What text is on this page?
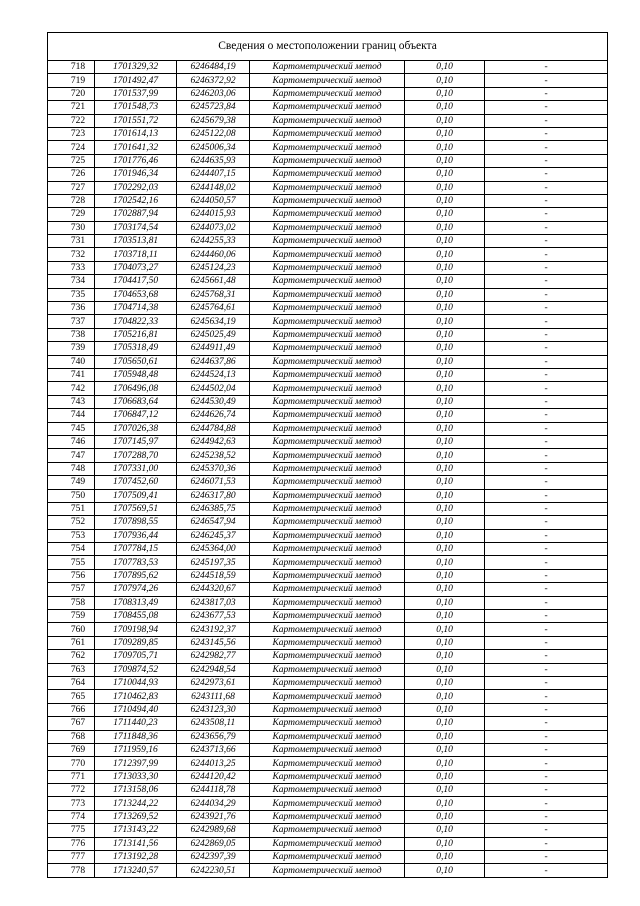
Сведения о местоположении границ объекта					
718	1701329,32	6246484,19	Картометрический метод	0,10	-
719	1701492,47	6246372,92	Картометрический метод	0,10	-
720	1701537,99	6246203,06	Картометрический метод	0,10	-
721	1701548,73	6245723,84	Картометрический метод	0,10	-
722	1701551,72	6245679,38	Картометрический метод	0,10	-
723	1701614,13	6245122,08	Картометрический метод	0,10	-
724	1701641,32	6245006,34	Картометрический метод	0,10	-
725	1701776,46	6244635,93	Картометрический метод	0,10	-
726	1701946,34	6244407,15	Картометрический метод	0,10	-
727	1702292,03	6244148,02	Картометрический метод	0,10	-
728	1702542,16	6244050,57	Картометрический метод	0,10	-
729	1702887,94	6244015,93	Картометрический метод	0,10	-
730	1703174,54	6244073,02	Картометрический метод	0,10	-
731	1703513,81	6244255,33	Картометрический метод	0,10	-
732	1703718,11	6244460,06	Картометрический метод	0,10	-
733	1704073,27	6245124,23	Картометрический метод	0,10	-
734	1704417,50	6245661,48	Картометрический метод	0,10	-
735	1704653,68	6245768,31	Картометрический метод	0,10	-
736	1704714,38	6245764,61	Картометрический метод	0,10	-
737	1704822,33	6245634,19	Картометрический метод	0,10	-
738	1705216,81	6245025,49	Картометрический метод	0,10	-
739	1705318,49	6244911,49	Картометрический метод	0,10	-
740	1705650,61	6244637,86	Картометрический метод	0,10	-
741	1705948,48	6244524,13	Картометрический метод	0,10	-
742	1706496,08	6244502,04	Картометрический метод	0,10	-
743	1706683,64	6244530,49	Картометрический метод	0,10	-
744	1706847,12	6244626,74	Картометрический метод	0,10	-
745	1707026,38	6244784,88	Картометрический метод	0,10	-
746	1707145,97	6244942,63	Картометрический метод	0,10	-
747	1707288,70	6245238,52	Картометрический метод	0,10	-
748	1707331,00	6245370,36	Картометрический метод	0,10	-
749	1707452,60	6246071,53	Картометрический метод	0,10	-
750	1707509,41	6246317,80	Картометрический метод	0,10	-
751	1707569,51	6246385,75	Картометрический метод	0,10	-
752	1707898,55	6246547,94	Картометрический метод	0,10	-
753	1707936,44	6246245,37	Картометрический метод	0,10	-
754	1707784,15	6245364,00	Картометрический метод	0,10	-
755	1707783,53	6245197,35	Картометрический метод	0,10	-
756	1707895,62	6244518,59	Картометрический метод	0,10	-
757	1707974,26	6244320,67	Картометрический метод	0,10	-
758	1708313,49	6243817,03	Картометрический метод	0,10	-
759	1708455,08	6243677,53	Картометрический метод	0,10	-
760	1709198,94	6243192,37	Картометрический метод	0,10	-
761	1709289,85	6243145,56	Картометрический метод	0,10	-
762	1709705,71	6242982,77	Картометрический метод	0,10	-
763	1709874,52	6242948,54	Картометрический метод	0,10	-
764	1710044,93	6242973,61	Картометрический метод	0,10	-
765	1710462,83	6243111,68	Картометрический метод	0,10	-
766	1710494,40	6243123,30	Картометрический метод	0,10	-
767	1711440,23	6243508,11	Картометрический метод	0,10	-
768	1711848,36	6243656,79	Картометрический метод	0,10	-
769	1711959,16	6243713,66	Картометрический метод	0,10	-
770	1712397,99	6244013,25	Картометрический метод	0,10	-
771	1713033,30	6244120,42	Картометрический метод	0,10	-
772	1713158,06	6244118,78	Картометрический метод	0,10	-
773	1713244,22	6244034,29	Картометрический метод	0,10	-
774	1713269,52	6243921,76	Картометрический метод	0,10	-
775	1713143,22	6242989,68	Картометрический метод	0,10	-
776	1713141,56	6242869,05	Картометрический метод	0,10	-
777	1713192,28	6242397,39	Картометрический метод	0,10	-
778	1713240,57	6242230,51	Картометрический метод	0,10	-
